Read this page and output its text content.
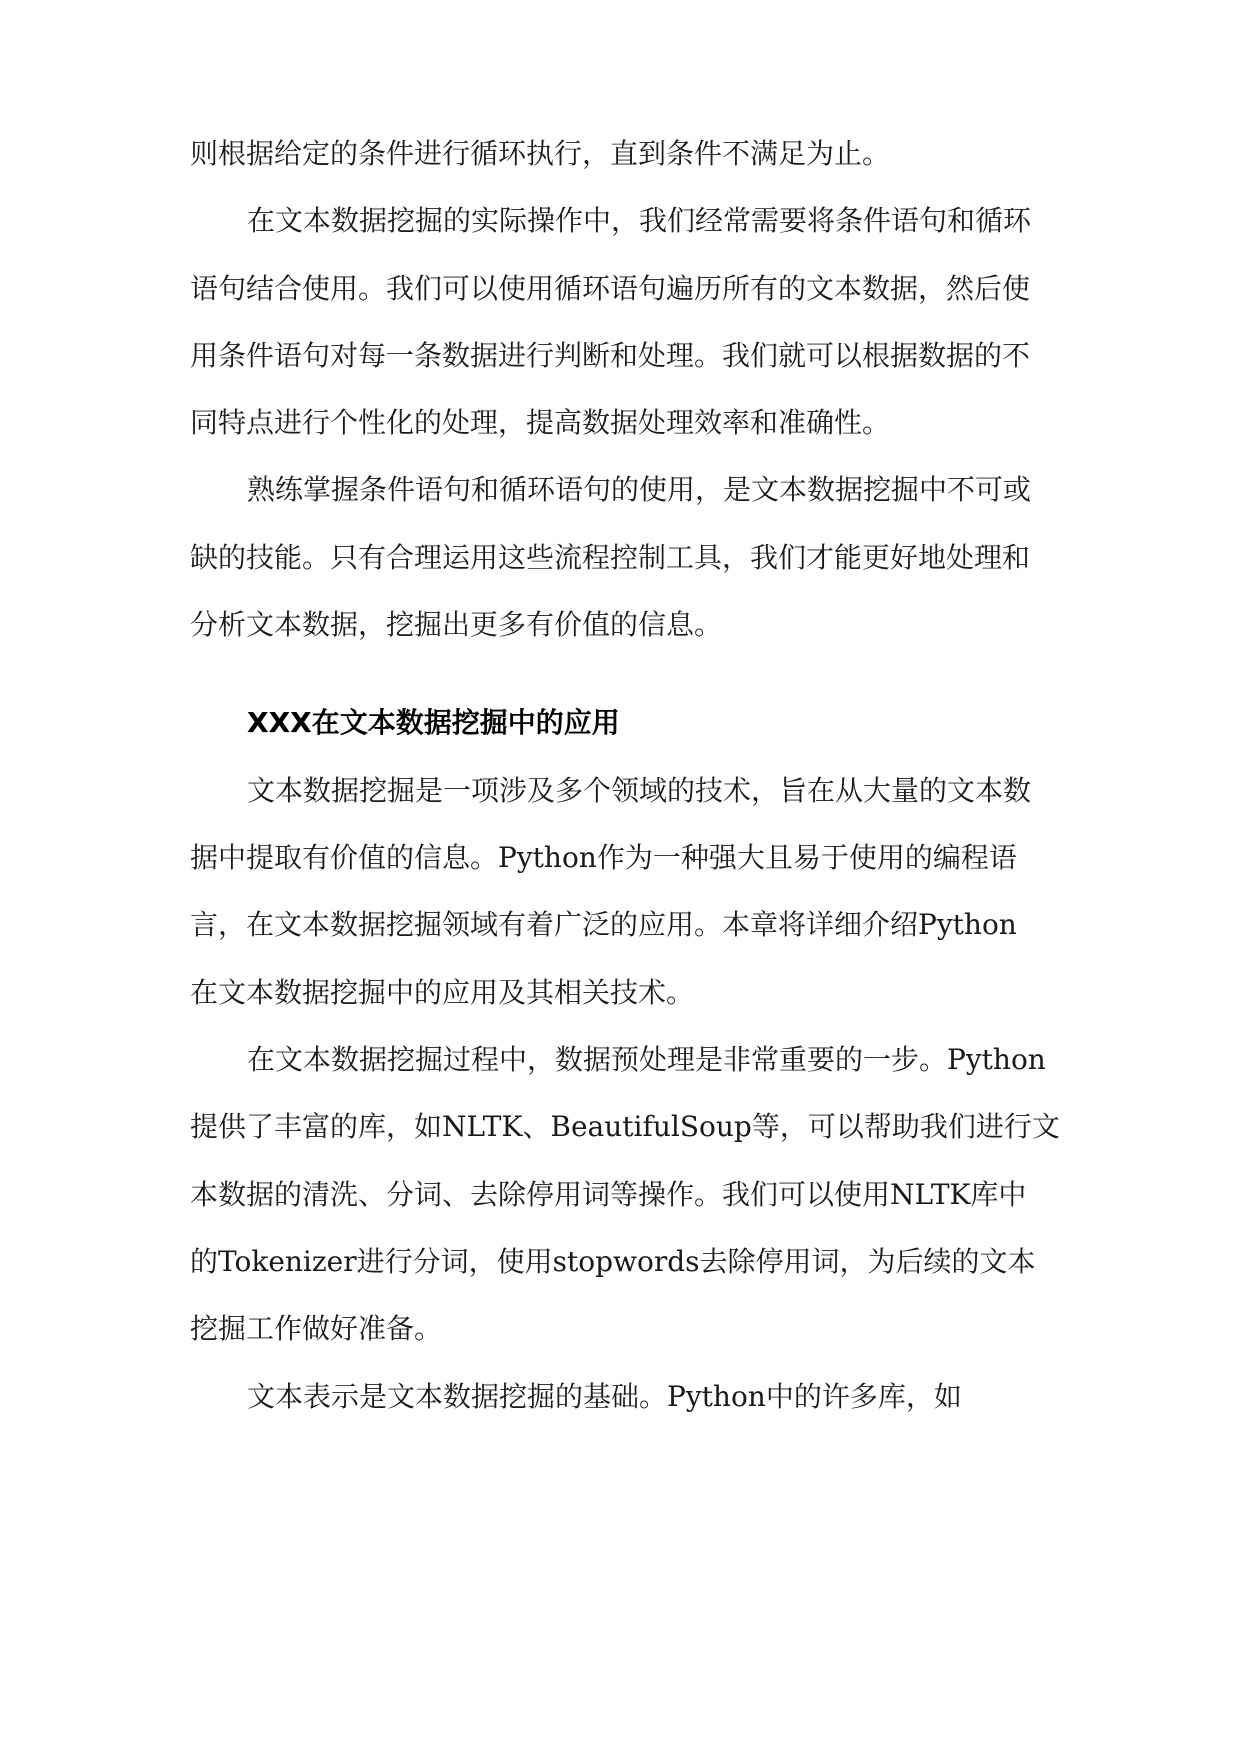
则根据给定的条件进行循环执行，直到条件不满足为止。
在文本数据挖掘的实际操作中，我们经常需要将条件语句和循环
语句结合使用。我们可以使用循环语句遍历所有的文本数据，然后使
用条件语句对每一条数据进行判断和处理。我们就可以根据数据的不
同特点进行个性化的处理，提高数据处理效率和准确性。
熟练掌握条件语句和循环语句的使用，是文本数据挖掘中不可或
缺的技能。只有合理运用这些流程控制工具，我们才能更好地处理和
分析文本数据，挖掘出更多有价值的信息。
XXX在文本数据挖掘中的应用
文本数据挖掘是一项涉及多个领域的技术，旨在从大量的文本数
据中提取有价值的信息。Python作为一种强大且易于使用的编程语
言，在文本数据挖掘领域有着广泛的应用。本章将详细介绍Python
在文本数据挖掘中的应用及其相关技术。
在文本数据挖掘过程中，数据预处理是非常重要的一步。Python
提供了丰富的库，如NLTK、BeautifulSoup等，可以帮助我们进行文
本数据的清洗、分词、去除停用词等操作。我们可以使用NLTK库中
的Tokenizer进行分词，使用stopwords去除停用词，为后续的文本
挖掘工作做好准备。
文本表示是文本数据挖掘的基础。Python中的许多库，如
